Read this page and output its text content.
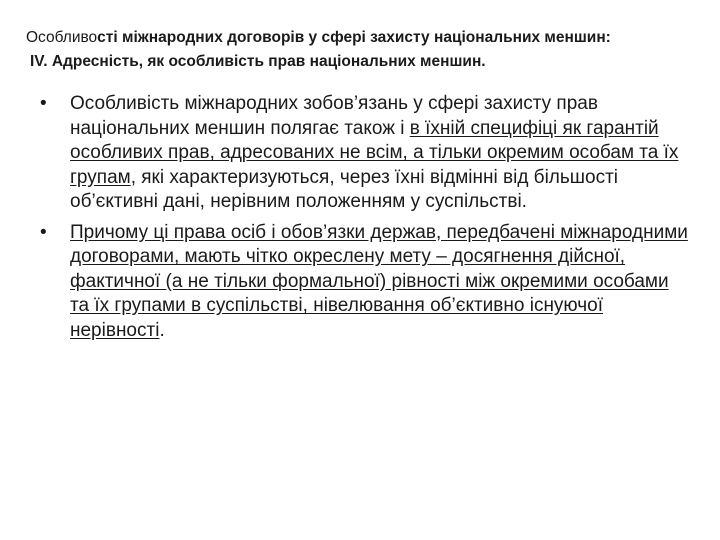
Особливості міжнародних договорів у сфері захисту національних меншин:
IV. Адресність, як особливість прав національних меншин.
• Особливість міжнародних зобов’язань у сфері захисту прав національних меншин полягає також і в їхній специфіці як гарантій особливих прав, адресованих не всім, а тільки окремим особам та їх групам, які характеризуються, через їхні відмінні від більшості об’єктивні дані, нерівним положенням у суспільстві.
• Причому ці права осіб і обов’язки держав, передбачені міжнародними договорами, мають чітко окреслену мету – досягнення дійсної, фактичної (а не тільки формальної) рівності між окремими особами та їх групами в суспільстві, нівелювання об’єктивно існуючої нерівності.
